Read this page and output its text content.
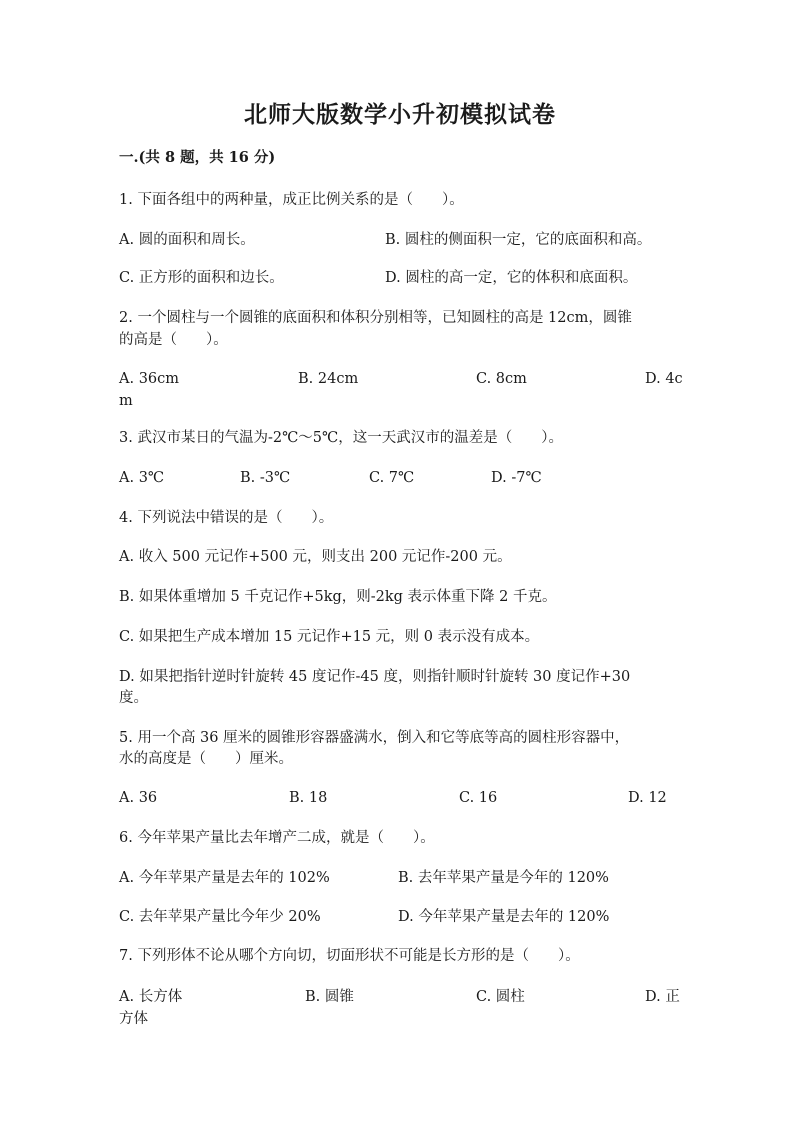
北师大版数学小升初模拟试卷
一.(共 8 题，共 16 分)
1. 下面各组中的两种量，成正比例关系的是（　　）。
A. 圆的面积和周长。	B. 圆柱的侧面积一定，它的底面积和高。
C. 正方形的面积和边长。	D. 圆柱的高一定，它的体积和底面积。
2. 一个圆柱与一个圆锥的底面积和体积分别相等，已知圆柱的高是 12cm，圆锥
的高是（　　）。
A. 36cm	B. 24cm	C. 8cm	D. 4c
m
3. 武汉市某日的气温为-2℃～5℃，这一天武汉市的温差是（　　）。
A. 3℃	B. -3℃	C. 7℃	D. -7℃
4. 下列说法中错误的是（　　）。
A. 收入 500 元记作+500 元，则支出 200 元记作-200 元。
B. 如果体重增加 5 千克记作+5kg，则-2kg 表示体重下降 2 千克。
C. 如果把生产成本增加 15 元记作+15 元，则 0 表示没有成本。
D. 如果把指针逆时针旋转 45 度记作-45 度，则指针顺时针旋转 30 度记作+30
度。
5. 用一个高 36 厘米的圆锥形容器盛满水，倒入和它等底等高的圆柱形容器中，
水的高度是（　　）厘米。
A. 36	B. 18	C. 16	D. 12
6. 今年苹果产量比去年增产二成，就是（　　）。
A. 今年苹果产量是去年的 102%	B. 去年苹果产量是今年的 120%
C. 去年苹果产量比今年少 20%	D. 今年苹果产量是去年的 120%
7. 下列形体不论从哪个方向切，切面形状不可能是长方形的是（　　）。
A. 长方体	B. 圆锥	C. 圆柱	D. 正
方体
